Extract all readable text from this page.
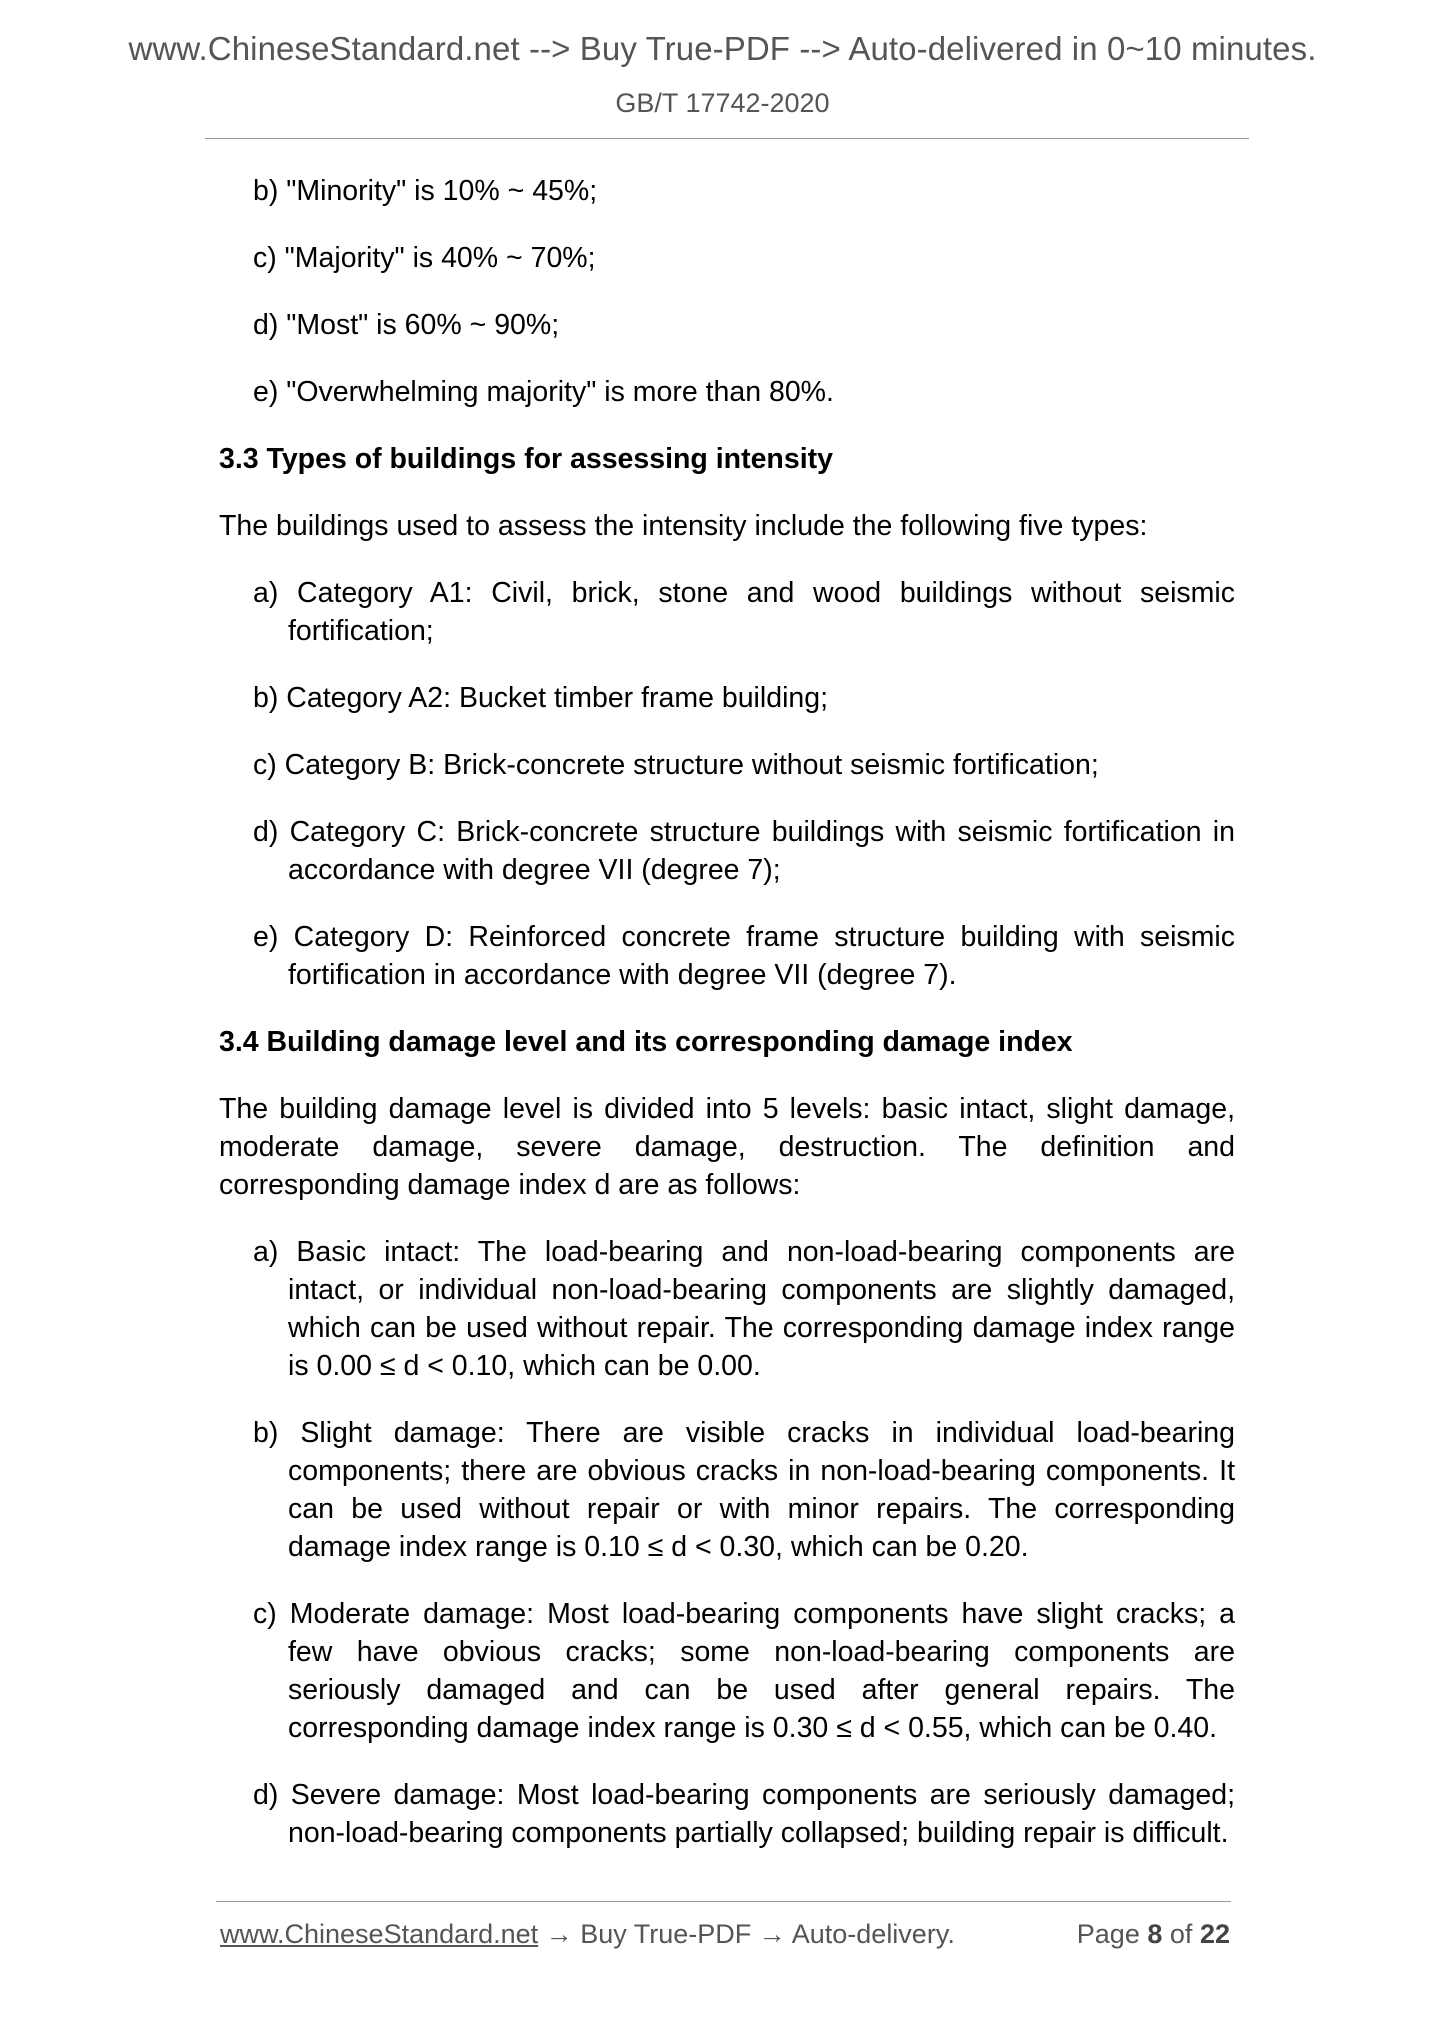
www.ChineseStandard.net --> Buy True-PDF --> Auto-delivered in 0~10 minutes.
GB/T 17742-2020
b) "Minority" is 10% ~ 45%;
c) "Majority" is 40% ~ 70%;
d) "Most" is 60% ~ 90%;
e) "Overwhelming majority" is more than 80%.
3.3 Types of buildings for assessing intensity
The buildings used to assess the intensity include the following five types:
a) Category A1: Civil, brick, stone and wood buildings without seismic fortification;
b) Category A2: Bucket timber frame building;
c) Category B: Brick-concrete structure without seismic fortification;
d) Category C: Brick-concrete structure buildings with seismic fortification in accordance with degree VII (degree 7);
e) Category D: Reinforced concrete frame structure building with seismic fortification in accordance with degree VII (degree 7).
3.4 Building damage level and its corresponding damage index
The building damage level is divided into 5 levels: basic intact, slight damage, moderate damage, severe damage, destruction. The definition and corresponding damage index d are as follows:
a) Basic intact: The load-bearing and non-load-bearing components are intact, or individual non-load-bearing components are slightly damaged, which can be used without repair. The corresponding damage index range is 0.00 ≤ d < 0.10, which can be 0.00.
b) Slight damage: There are visible cracks in individual load-bearing components; there are obvious cracks in non-load-bearing components. It can be used without repair or with minor repairs. The corresponding damage index range is 0.10 ≤ d < 0.30, which can be 0.20.
c) Moderate damage: Most load-bearing components have slight cracks; a few have obvious cracks; some non-load-bearing components are seriously damaged and can be used after general repairs. The corresponding damage index range is 0.30 ≤ d < 0.55, which can be 0.40.
d) Severe damage: Most load-bearing components are seriously damaged; non-load-bearing components partially collapsed; building repair is difficult.
www.ChineseStandard.net → Buy True-PDF → Auto-delivery.	Page 8 of 22
